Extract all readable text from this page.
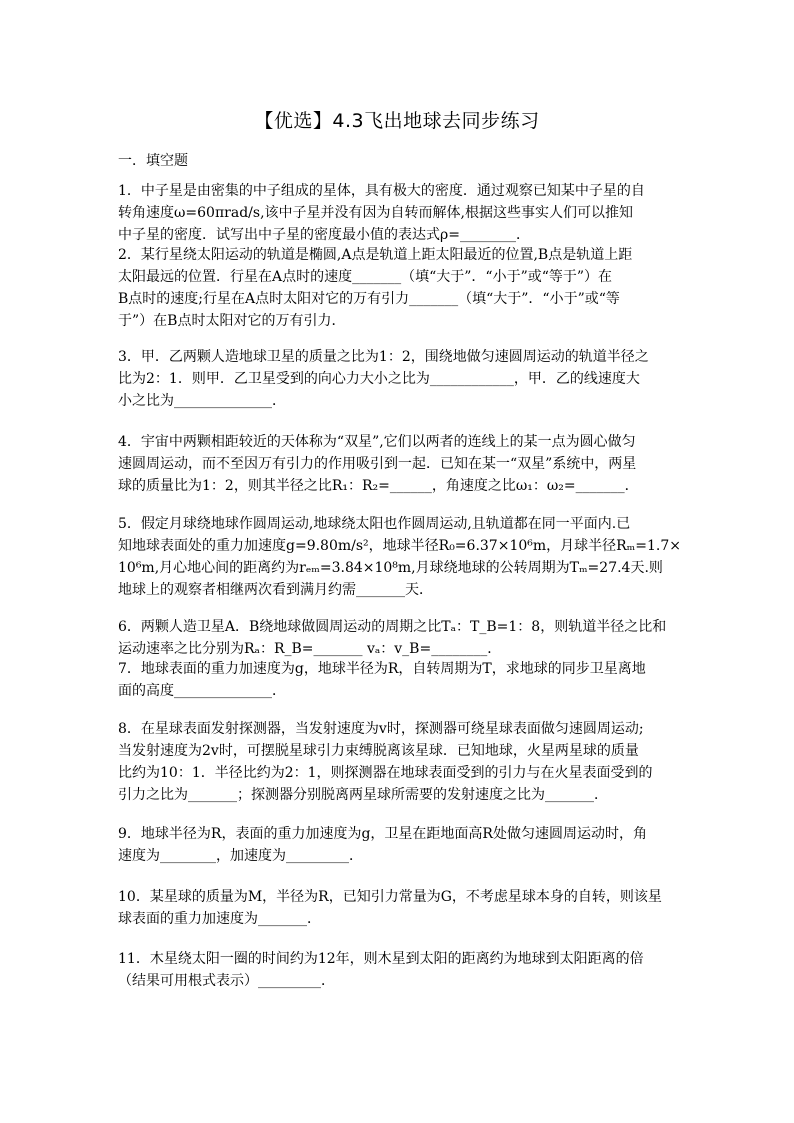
【优选】4.3飞出地球去同步练习
一．填空题
1．中子星是由密集的中子组成的星体，具有极大的密度．通过观察已知某中子星的自
转角速度ω=60πrad/s,该中子星并没有因为自转而解体,根据这些事实人们可以推知
中子星的密度．试写出中子星的密度最小值的表达式ρ=________．
2．某行星绕太阳运动的轨道是椭圆,A点是轨道上距太阳最近的位置,B点是轨道上距
太阳最远的位置．行星在A点时的速度_______（填“大于”．“小于”或“等于”）在
B点时的速度;行星在A点时太阳对它的万有引力_______（填“大于”．“小于”或“等
于”）在B点时太阳对它的万有引力．
3．甲．乙两颗人造地球卫星的质量之比为1：2，围绕地做匀速圆周运动的轨道半径之
比为2：1．则甲．乙卫星受到的向心力大小之比为____________，甲．乙的线速度大
小之比为______________．
4．宇宙中两颗相距较近的天体称为“双星”,它们以两者的连线上的某一点为圆心做匀
速圆周运动，而不至因万有引力的作用吸引到一起．已知在某一“双星”系统中，两星
球的质量比为1：2，则其半径之比R₁：R₂=______，角速度之比ω₁：ω₂=_______．
5．假定月球绕地球作圆周运动,地球绕太阳也作圆周运动,且轨道都在同一平面内.已
知地球表面处的重力加速度g=9.80m/s²，地球半径R₀=6.37×10⁶m，月球半径Rₘ=1.7×
10⁶m,月心地心间的距离约为rₑₘ=3.84×10⁸m,月球绕地球的公转周期为Tₘ=27.4天.则
地球上的观察者相继两次看到满月约需_______天．
6．两颗人造卫星A．B绕地球做圆周运动的周期之比Tₐ：T_B=1：8，则轨道半径之比和
运动速率之比分别为Rₐ：R_B=_______ vₐ：v_B=________．
7．地球表面的重力加速度为g，地球半径为R，自转周期为T，求地球的同步卫星离地
面的高度______________．
8．在星球表面发射探测器，当发射速度为v时，探测器可绕星球表面做匀速圆周运动;
当发射速度为2v时，可摆脱星球引力束缚脱离该星球．已知地球，火星两星球的质量
比约为10：1．半径比约为2：1，则探测器在地球表面受到的引力与在火星表面受到的
引力之比为_______；探测器分别脱离两星球所需要的发射速度之比为_______．
9．地球半径为R，表面的重力加速度为g，卫星在距地面高R处做匀速圆周运动时，角
速度为________，加速度为_________．
10．某星球的质量为M，半径为R，已知引力常量为G，不考虑星球本身的自转，则该星
球表面的重力加速度为_______．
11．木星绕太阳一圈的时间约为12年，则木星到太阳的距离约为地球到太阳距离的倍
（结果可用根式表示）_________．
